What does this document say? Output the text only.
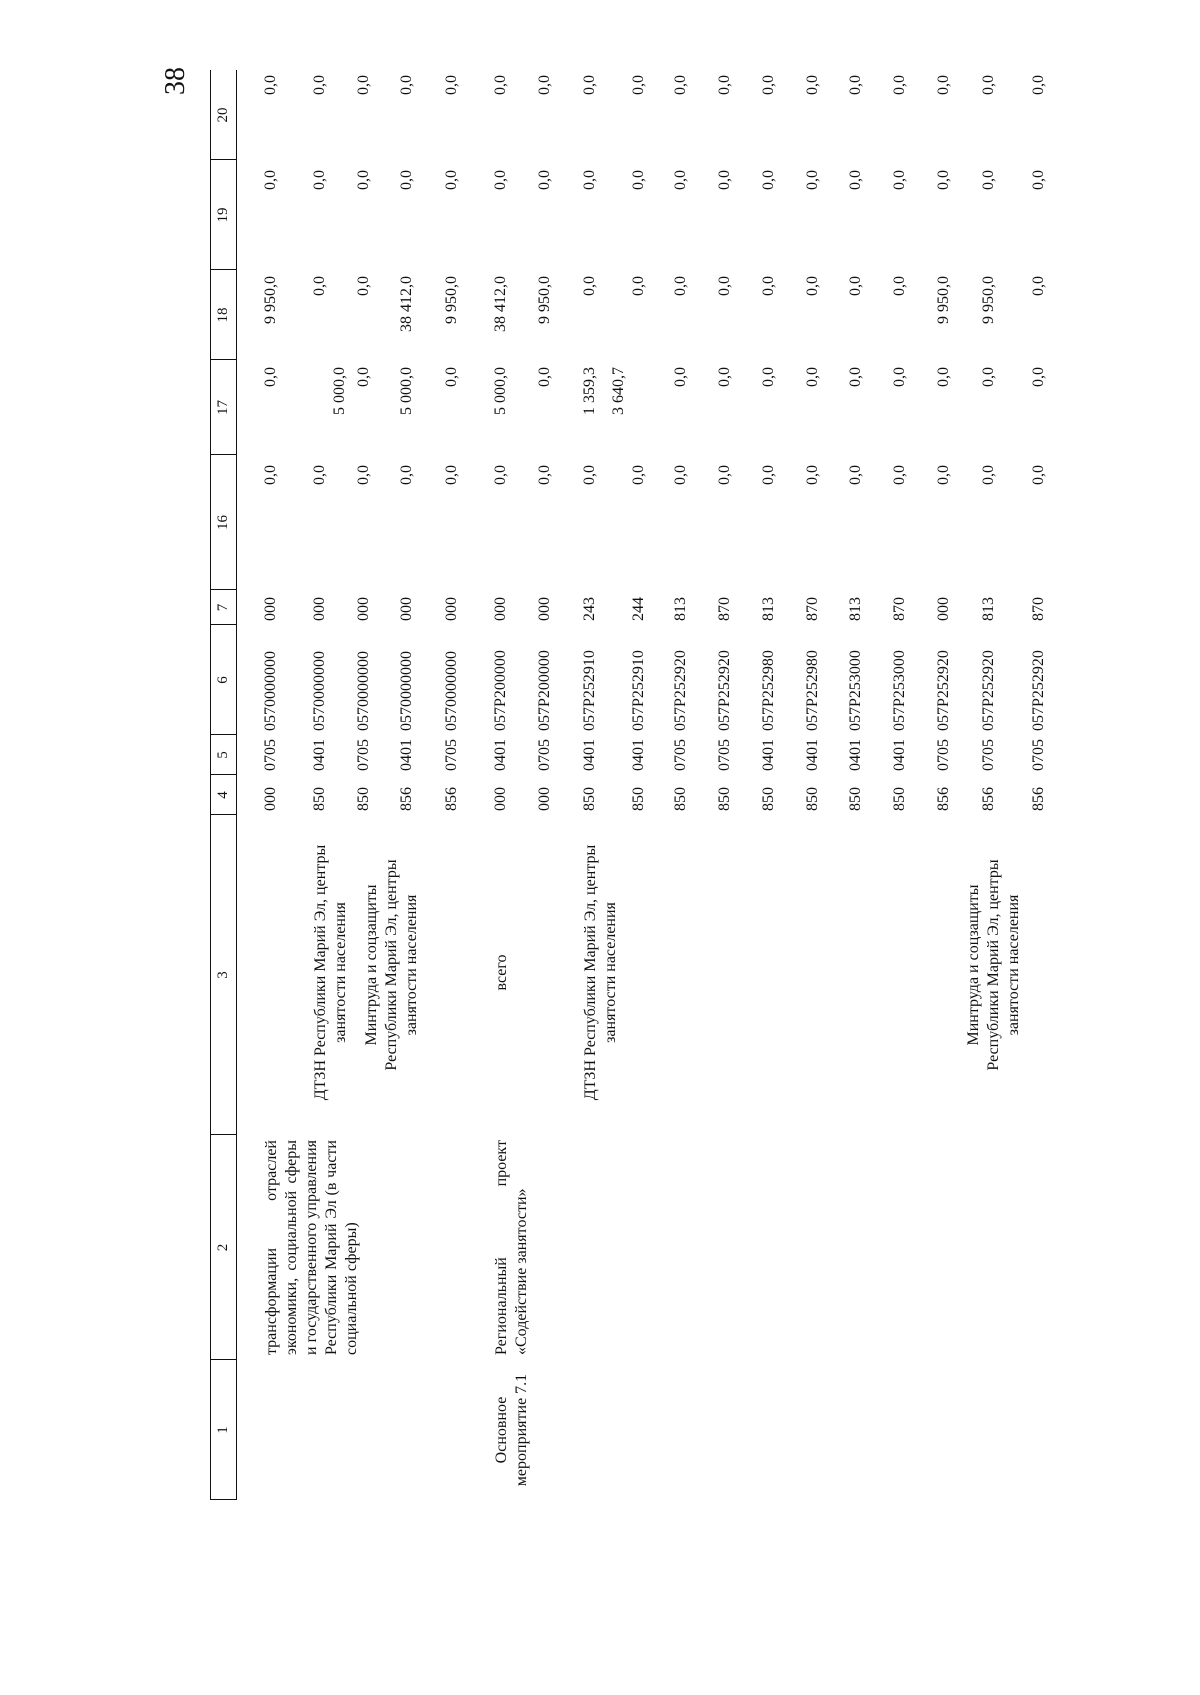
38
1
2
3
4
5
6
7
16
17
18
19
20
трансформации отраслей экономики, социальной сферы и государственного управления Республики Марий Эл (в части социальной сферы)
ДТЗН Республики Марий Эл, центры занятости населения Минтруда и соцзащиты Республики Марий Эл, центры занятости населения
Основное мероприятие 7.1
Региональный проект «Содействие занятости»
всего	ДТЗН Республики Марий Эл, центры занятости населения	Минтруда и соцзащиты Республики Марий Эл, центры занятости населения
000
0705
0570000000
000
0,0
0,0
9 950,0
0,0
0,0
850
0401
0570000000
000
0,0
5 000,0
0,0
0,0
0,0
850
0705
0570000000
000
0,0
0,0
0,0
0,0
0,0
856
0401
0570000000
000
0,0
5 000,0
38 412,0
0,0
0,0
856
0705
0570000000
000
0,0
0,0
9 950,0
0,0
0,0
000
0401
057P200000
000
0,0
5 000,0
38 412,0
0,0
0,0
000
0705
057P200000
000
0,0
0,0
9 950,0
0,0
0,0
850
0401
057P252910
243
0,0
1 359,3
0,0
0,0
0,0
850
0401
057P252910
244
0,0
3 640,7
0,0
0,0
0,0
850
0705
057P252920
813
0,0
0,0
0,0
0,0
0,0
850
0705
057P252920
870
0,0
0,0
0,0
0,0
0,0
850
0401
057P252980
813
0,0
0,0
0,0
0,0
0,0
850
0401
057P252980
870
0,0
0,0
0,0
0,0
0,0
850
0401
057P253000
813
0,0
0,0
0,0
0,0
0,0
850
0401
057P253000
870
0,0
0,0
0,0
0,0
0,0
856
0705
057P252920
000
0,0
0,0
9 950,0
0,0
0,0
856
0705
057P252920
813
0,0
0,0
9 950,0
0,0
0,0
856
0705
057P252920
870
0,0
0,0
0,0
0,0
0,0
